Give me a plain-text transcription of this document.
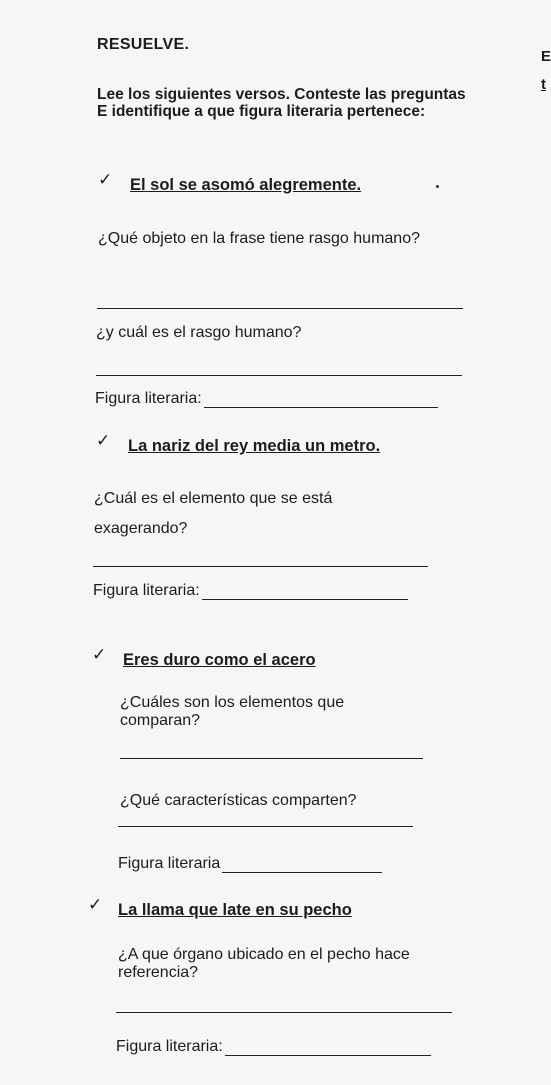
RESUELVE.
Lee los siguientes versos. Conteste las preguntas E identifique a que figura literaria pertenece:
E
t
✓ El sol se asomó alegremente.
¿Qué objeto en la frase tiene rasgo humano?
¿y cuál es el rasgo humano?
Figura literaria:
✓ La nariz del rey media un metro.
¿Cuál es el elemento que se está exagerando?
Figura literaria:
✓ Eres duro como el acero
¿Cuáles son los elementos que comparan?
¿Qué características comparten?
Figura literaria
✓ La llama que late en su pecho
¿A que órgano ubicado en el pecho hace referencia?
Figura literaria:
